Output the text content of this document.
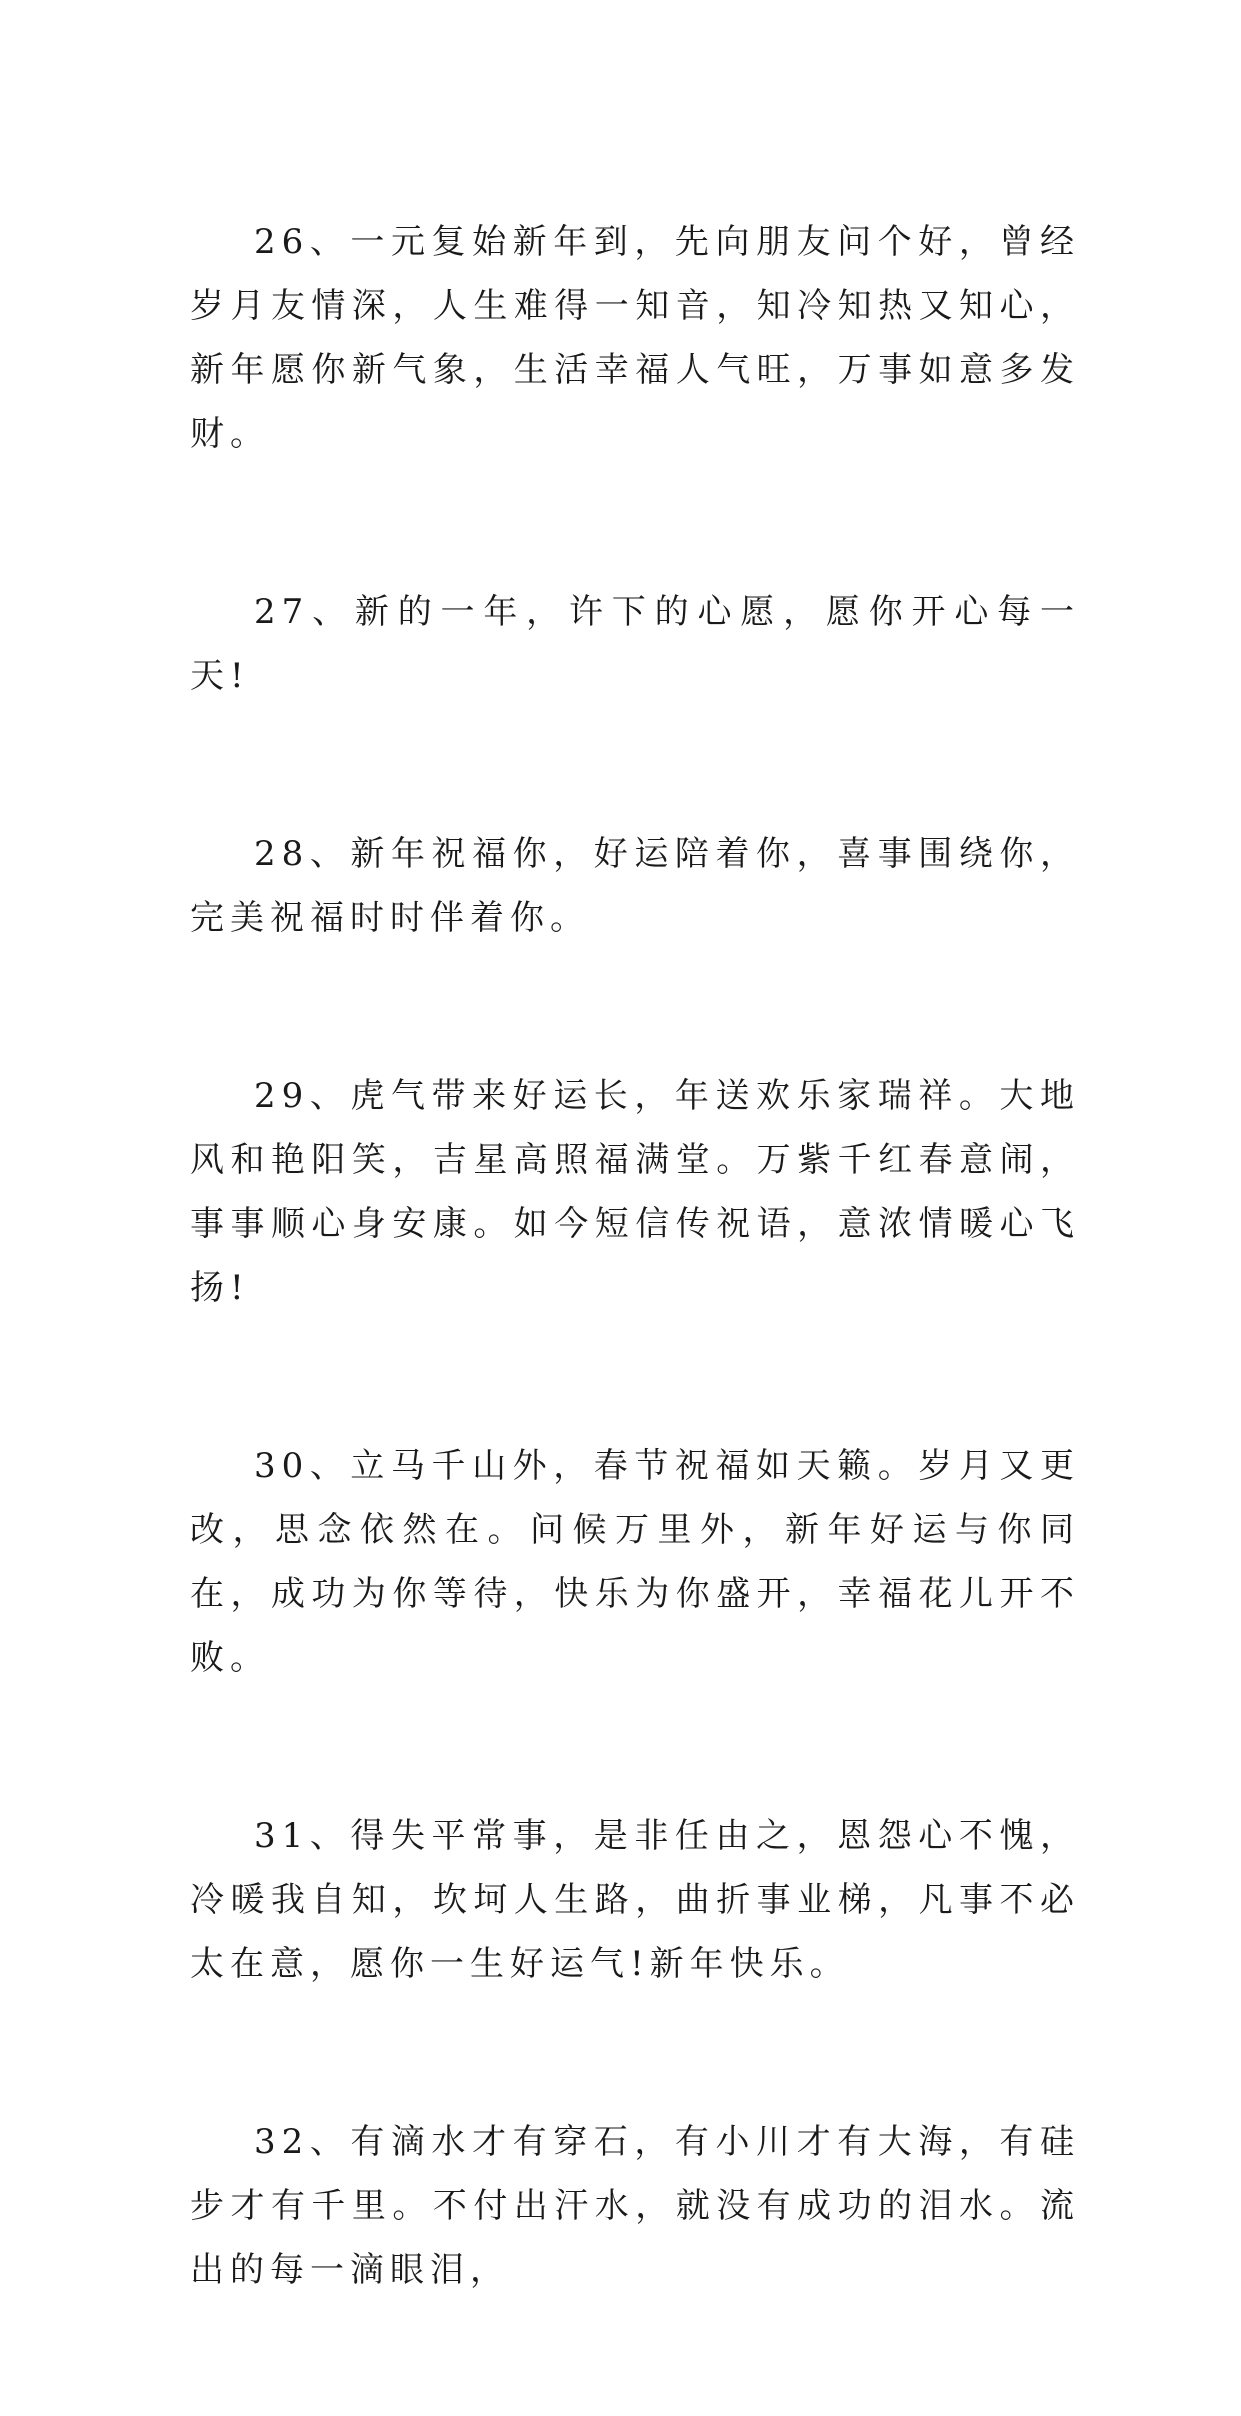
26、一元复始新年到，先向朋友问个好，曾经岁月友情深，人生难得一知音，知冷知热又知心，新年愿你新气象，生活幸福人气旺，万事如意多发财。

27、新的一年，许下的心愿，愿你开心每一天!

28、新年祝福你，好运陪着你，喜事围绕你，完美祝福时时伴着你。

29、虎气带来好运长，年送欢乐家瑞祥。大地风和艳阳笑，吉星高照福满堂。万紫千红春意闹，事事顺心身安康。如今短信传祝语，意浓情暖心飞扬!

30、立马千山外，春节祝福如天籁。岁月又更改，思念依然在。问候万里外，新年好运与你同在，成功为你等待，快乐为你盛开，幸福花儿开不败。

31、得失平常事，是非任由之，恩怨心不愧，冷暖我自知，坎坷人生路，曲折事业梯，凡事不必太在意，愿你一生好运气!新年快乐。

32、有滴水才有穿石，有小川才有大海，有硅步才有千里。不付出汗水，就没有成功的泪水。流出的每一滴眼泪，
